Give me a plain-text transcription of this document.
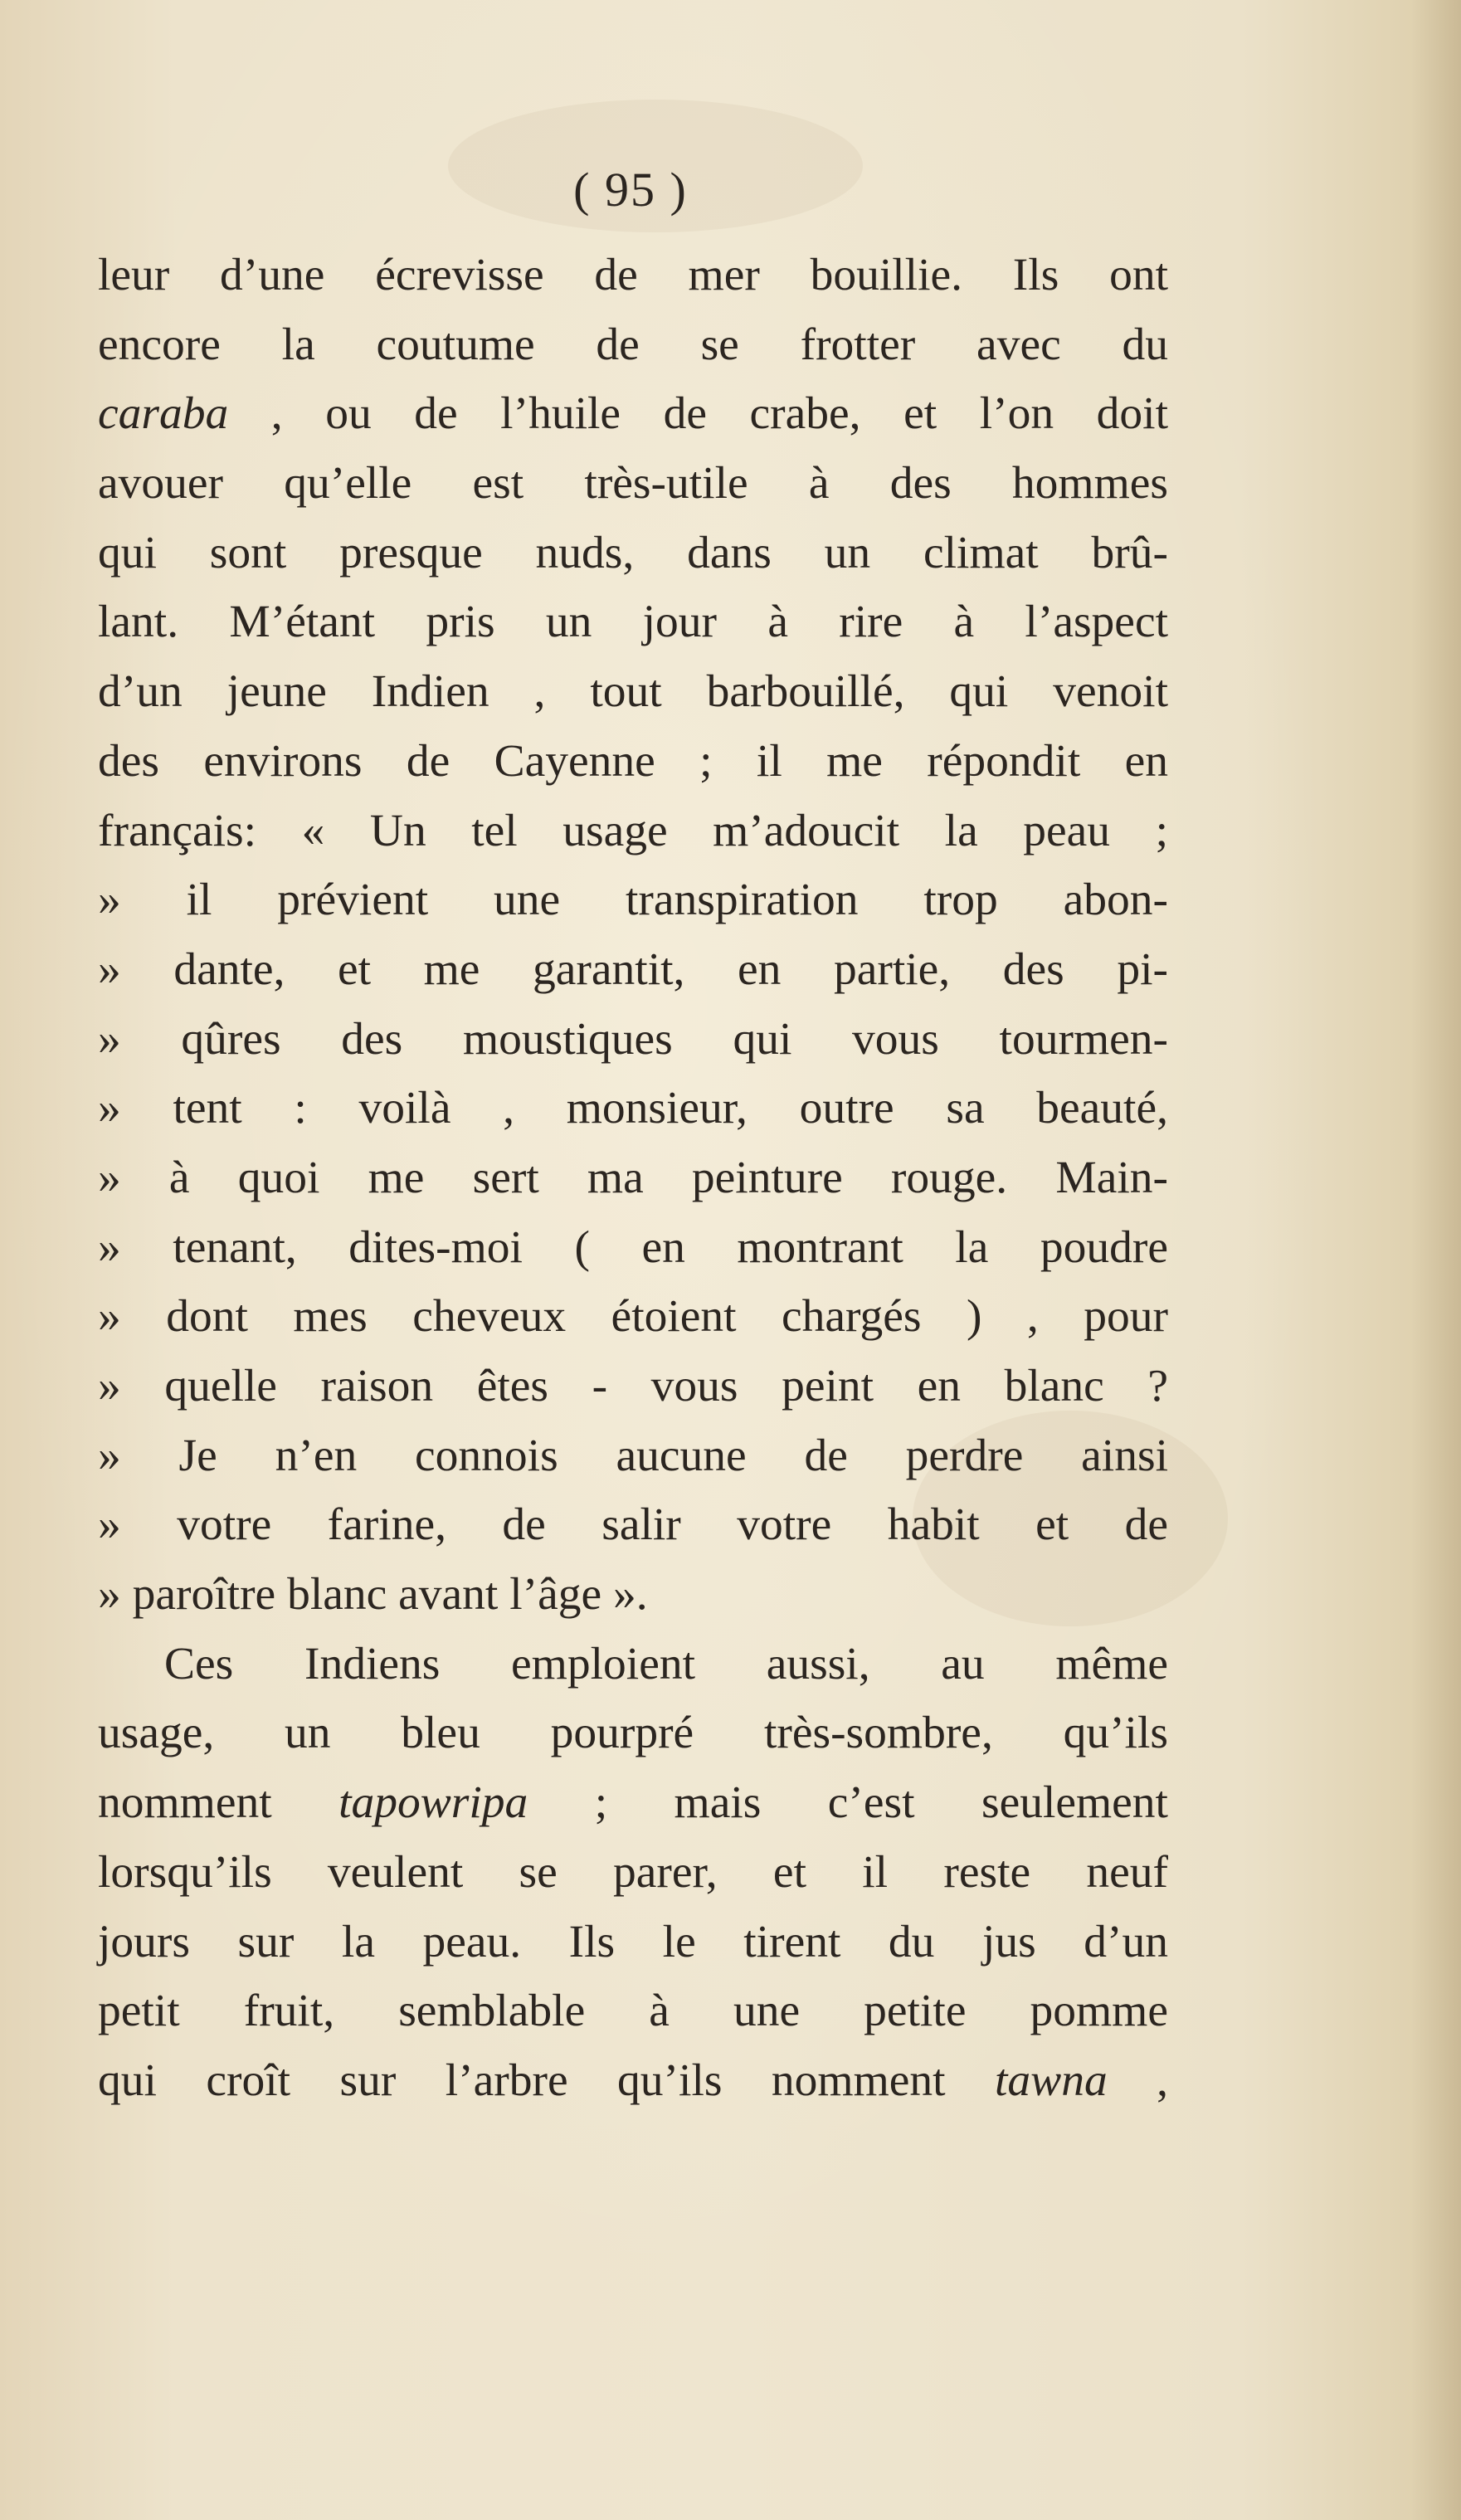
( 95 )
leur d’une écrevisse de mer bouillie. Ils ont
encore la coutume de se frotter avec du
caraba , ou de l’huile de crabe, et l’on doit
avouer qu’elle est très-utile à des hommes
qui sont presque nuds, dans un climat brû-
lant. M’étant pris un jour à rire à l’aspect
d’un jeune Indien , tout barbouillé, qui venoit
des environs de Cayenne ; il me répondit en
français: « Un tel usage m’adoucit la peau ;
» il prévient une transpiration trop abon-
» dante, et me garantit, en partie, des pi-
» qûres des moustiques qui vous tourmen-
» tent : voilà , monsieur, outre sa beauté,
» à quoi me sert ma peinture rouge. Main-
» tenant, dites-moi ( en montrant la poudre
» dont mes cheveux étoient chargés ) , pour
» quelle raison êtes - vous peint en blanc ?
» Je n’en connois aucune de perdre ainsi
» votre farine, de salir votre habit et de
» paroître blanc avant l’âge ».
Ces Indiens emploient aussi, au même
usage, un bleu pourpré très-sombre, qu’ils
nomment tapowripa ; mais c’est seulement
lorsqu’ils veulent se parer, et il reste neuf
jours sur la peau. Ils le tirent du jus d’un
petit fruit, semblable à une petite pomme
qui croît sur l’arbre qu’ils nomment tawna ,
